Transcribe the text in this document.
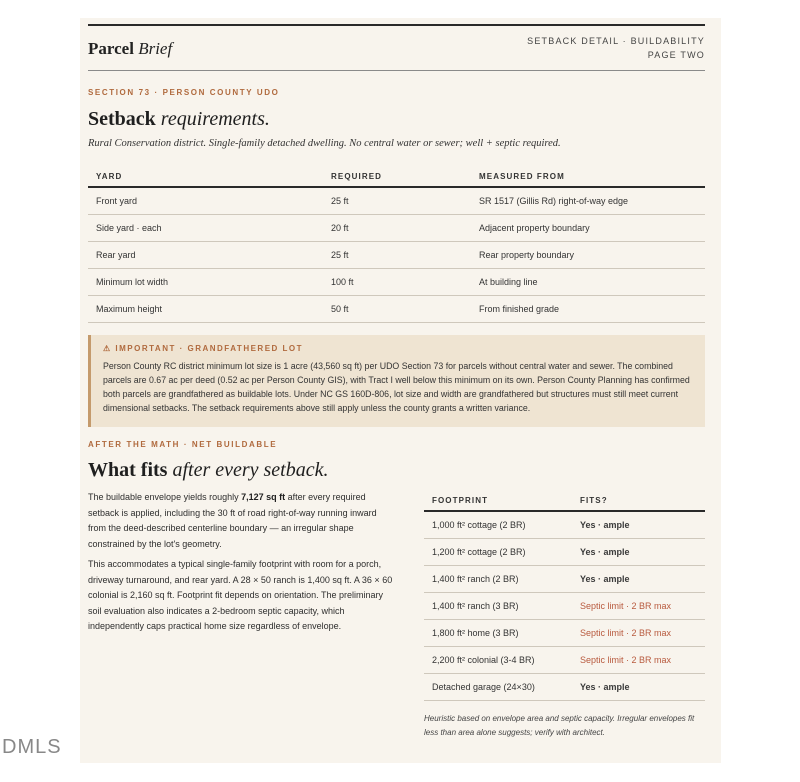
Parcel Brief	SETBACK DETAIL · BUILDABILITY
PAGE TWO
SECTION 73 · PERSON COUNTY UDO
Setback requirements.
Rural Conservation district. Single-family detached dwelling. No central water or sewer; well + septic required.
YARD	REQUIRED	MEASURED FROM
Front yard	25 ft	SR 1517 (Gillis Rd) right-of-way edge
Side yard · each	20 ft	Adjacent property boundary
Rear yard	25 ft	Rear property boundary
Minimum lot width	100 ft	At building line
Maximum height	50 ft	From finished grade
⚠ IMPORTANT · GRANDFATHERED LOT
Person County RC district minimum lot size is 1 acre (43,560 sq ft) per UDO Section 73 for parcels without central water and sewer. The combined parcels are 0.67 ac per deed (0.52 ac per Person County GIS), with Tract I well below this minimum on its own. Person County Planning has confirmed both parcels are grandfathered as buildable lots. Under NC GS 160D-806, lot size and width are grandfathered but structures must still meet current dimensional setbacks. The setback requirements above still apply unless the county grants a written variance.
AFTER THE MATH · NET BUILDABLE
What fits after every setback.

The buildable envelope yields roughly 7,127 sq ft after every required setback is applied, including the 30 ft of road right-of-way running inward from the deed-described centerline boundary — an irregular shape constrained by the lot's geometry.

This accommodates a typical single-family footprint with room for a porch, driveway turnaround, and rear yard. A 28 × 50 ranch is 1,400 sq ft. A 36 × 60 colonial is 2,160 sq ft. Footprint fit depends on orientation. The preliminary soil evaluation also indicates a 2-bedroom septic capacity, which independently caps practical home size regardless of envelope.

FOOTPRINT	FITS?
1,000 ft² cottage (2 BR)	Yes · ample
1,200 ft² cottage (2 BR)	Yes · ample
1,400 ft² ranch (2 BR)	Yes · ample
1,400 ft² ranch (3 BR)	Septic limit · 2 BR max
1,800 ft² home (3 BR)	Septic limit · 2 BR max
2,200 ft² colonial (3-4 BR)	Septic limit · 2 BR max
Detached garage (24×30)	Yes · ample
Heuristic based on envelope area and septic capacity. Irregular envelopes fit less than area alone suggests; verify with architect.
DMLS
